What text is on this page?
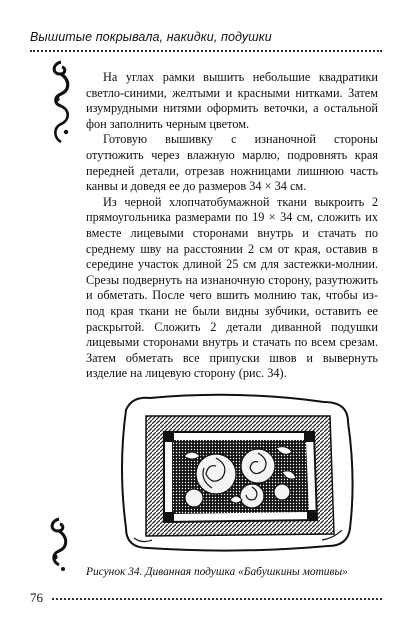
Вышитые покрывала, накидки, подушки

На углах рамки вышить небольшие квадратики светло-синими, желтыми и красными нитками. Затем изумрудными нитями оформить веточки, а остальной фон заполнить черным цветом.

Готовую вышивку с изнаночной стороны отутюжить через влажную марлю, подровнять края передней детали, отрезав ножницами лишнюю часть канвы и доведя ее до размеров 34 × 34 см.

Из черной хлопчатобумажной ткани выкроить 2 прямоугольника размерами по 19 × 34 см, сложить их вместе лицевыми сторонами внутрь и стачать по среднему шву на расстоянии 2 см от края, оставив в середине участок длиной 25 см для застежки-молнии. Срезы подвернуть на изнаночную сторону, разутюжить и обметать. После чего вшить молнию так, чтобы из-под края ткани не были видны зубчики, оставить ее раскрытой. Сложить 2 детали диванной подушки лицевыми сторонами внутрь и стачать по всем срезам. Затем обметать все припуски швов и вывернуть изделие на лицевую сторону (рис. 34).

Рисунок 34. Диванная подушка «Бабушкины мотивы»
76
